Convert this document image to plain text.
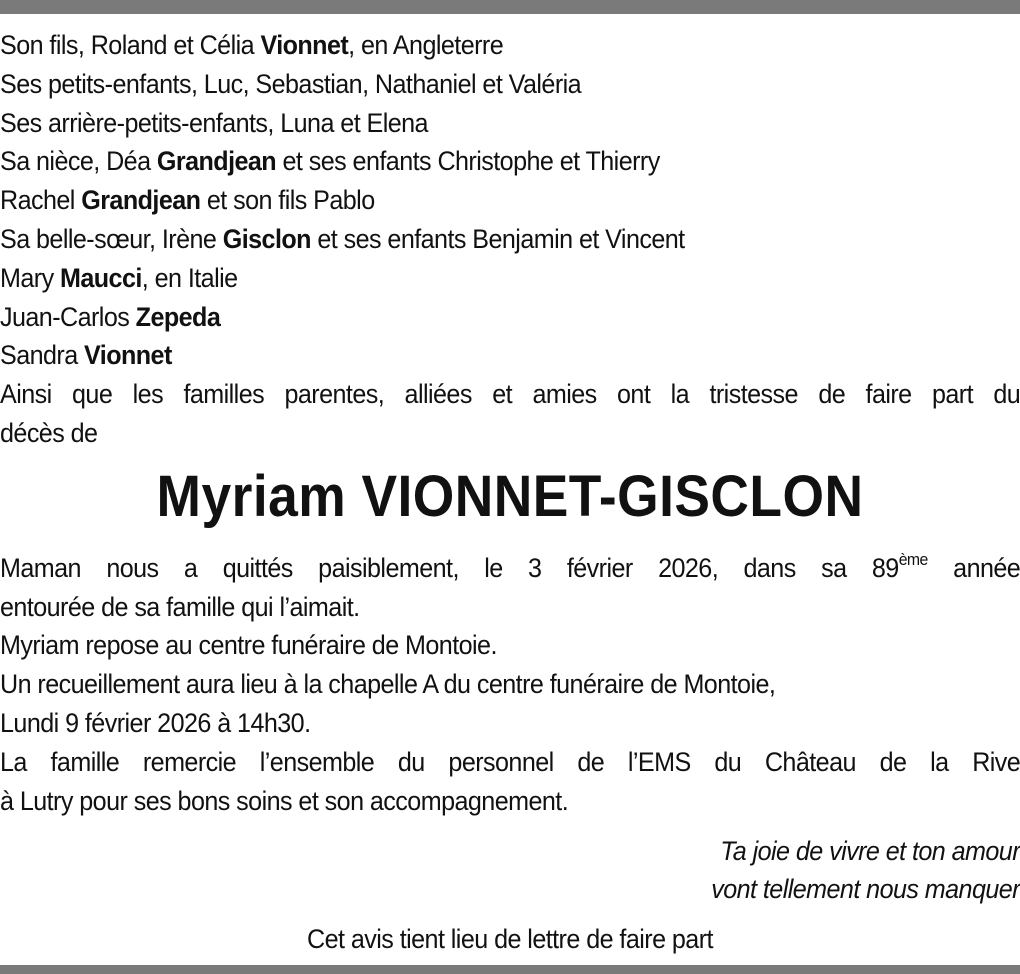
Son fils, Roland et Célia Vionnet, en Angleterre
Ses petits-enfants, Luc, Sebastian, Nathaniel et Valéria
Ses arrière-petits-enfants, Luna et Elena
Sa nièce, Déa Grandjean et ses enfants Christophe et Thierry
Rachel Grandjean et son fils Pablo
Sa belle-sœur, Irène Gisclon et ses enfants Benjamin et Vincent
Mary Maucci, en Italie
Juan-Carlos Zepeda
Sandra Vionnet
Ainsi que les familles parentes, alliées et amies ont la tristesse de faire part du
décès de
Myriam VIONNET-GISCLON
Maman nous a quittés paisiblement, le 3 février 2026, dans sa 89ème année
entourée de sa famille qui l’aimait.
Myriam repose au centre funéraire de Montoie.
Un recueillement aura lieu à la chapelle A du centre funéraire de Montoie,
Lundi 9 février 2026 à 14h30.
La famille remercie l’ensemble du personnel de l’EMS du Château de la Rive
à Lutry pour ses bons soins et son accompagnement.
Ta joie de vivre et ton amour
vont tellement nous manquer
Cet avis tient lieu de lettre de faire part
